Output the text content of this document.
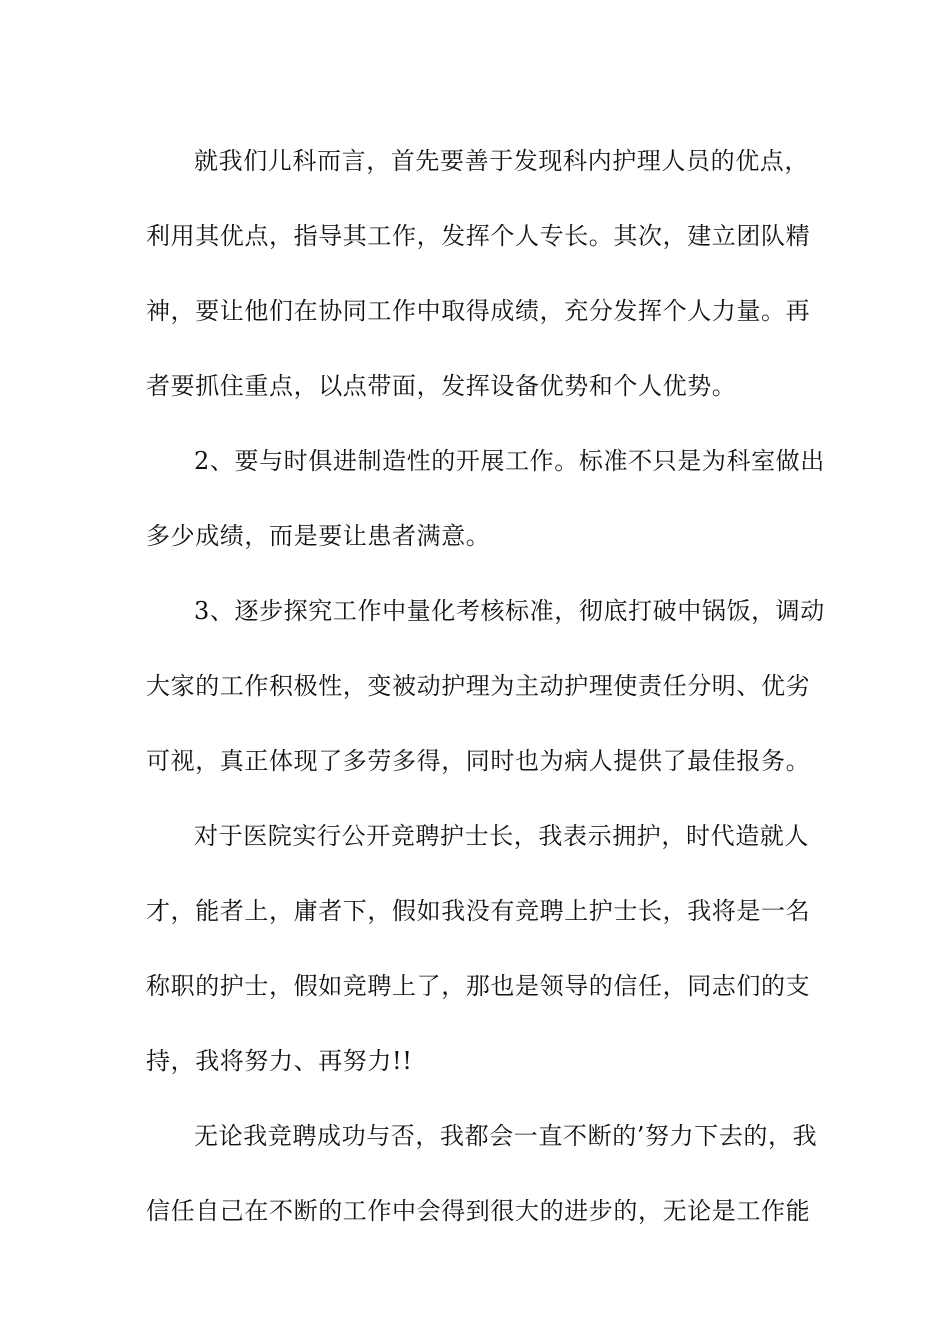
就我们儿科而言，首先要善于发现科内护理人员的优点，
利用其优点，指导其工作，发挥个人专长。其次，建立团队精
神，要让他们在协同工作中取得成绩，充分发挥个人力量。再
者要抓住重点，以点带面，发挥设备优势和个人优势。
2、要与时俱进制造性的开展工作。标准不只是为科室做出
多少成绩，而是要让患者满意。
3、逐步探究工作中量化考核标准，彻底打破中锅饭，调动
大家的工作积极性，变被动护理为主动护理使责任分明、优劣
可视，真正体现了多劳多得，同时也为病人提供了最佳报务。
对于医院实行公开竞聘护士长，我表示拥护，时代造就人
才，能者上，庸者下，假如我没有竞聘上护士长，我将是一名
称职的护士，假如竞聘上了，那也是领导的信任，同志们的支
持，我将努力、再努力!!
无论我竞聘成功与否，我都会一直不断的’努力下去的，我
信任自己在不断的工作中会得到很大的进步的，无论是工作能
